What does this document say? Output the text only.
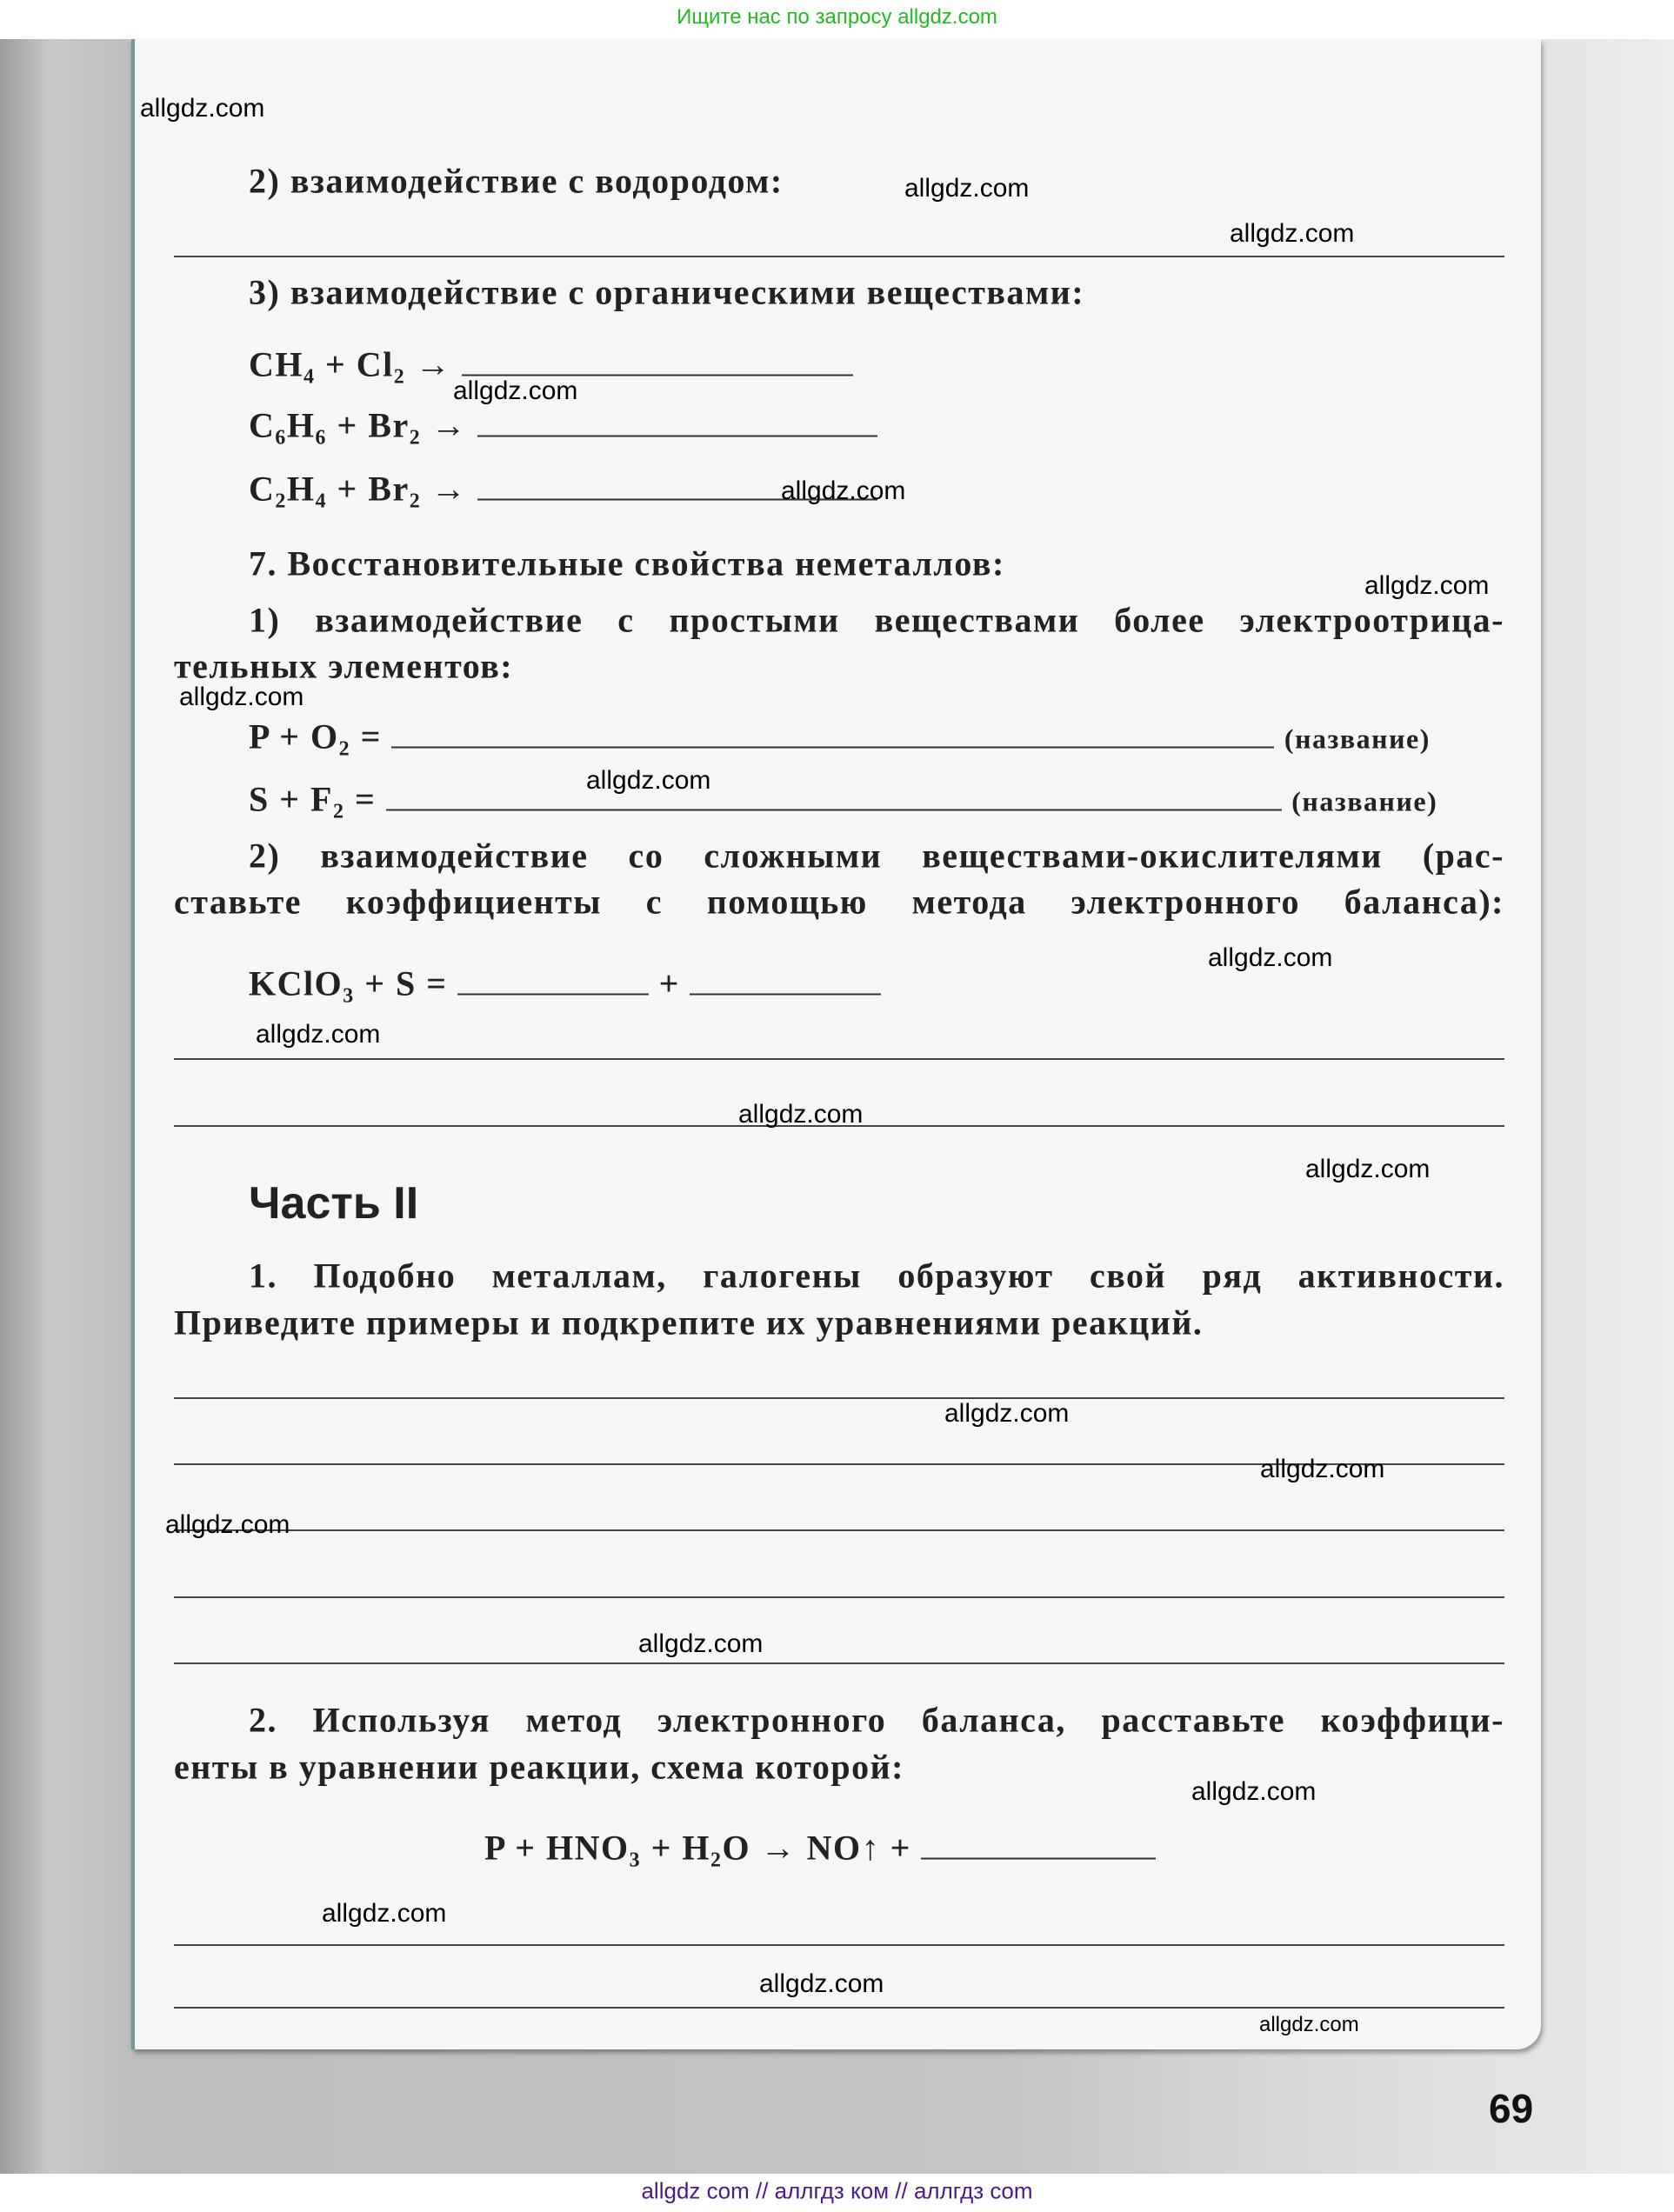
Ищите нас по запросу allgdz.com
2) взаимодействие с водородом:
3) взаимодействие с органическими веществами:
CH₄ + Cl₂ →
C₆H₆ + Br₂ →
C₂H₄ + Br₂ →
7. Восстановительные свойства неметаллов:
1) взаимодействие с простыми веществами более электроотрица-
тельных элементов:
P + O₂ =	(название)
S + F₂ =	(название)
2) взаимодействие со сложными веществами-окислителями (рас-
ставьте коэффициенты с помощью метода электронного баланса):
KClO₃ + S =	+
Часть II
1. Подобно металлам, галогены образуют свой ряд активности.
Приведите примеры и подкрепите их уравнениями реакций.
2. Используя метод электронного баланса, расставьте коэффици-
енты в уравнении реакции, схема которой:
P + HNO₃ + H₂O → NO↑ +
allgdz.com
allgdz.com
allgdz.com
allgdz.com
allgdz.com
allgdz.com
allgdz.com
allgdz.com
allgdz.com
allgdz.com
allgdz.com
allgdz.com
allgdz.com
allgdz.com
allgdz.com
allgdz.com
allgdz.com
allgdz.com
allgdz.com
allgdz.com
69
allgdz com // аллгдз ком // аллгдз com
